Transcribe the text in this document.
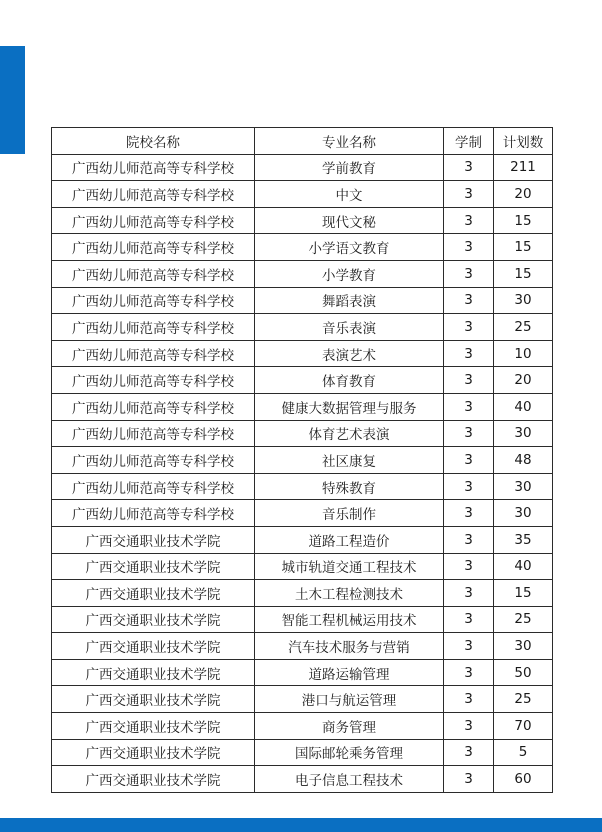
院校名称	专业名称	学制	计划数
广西幼儿师范高等专科学校	学前教育	3	211
广西幼儿师范高等专科学校	中文	3	20
广西幼儿师范高等专科学校	现代文秘	3	15
广西幼儿师范高等专科学校	小学语文教育	3	15
广西幼儿师范高等专科学校	小学教育	3	15
广西幼儿师范高等专科学校	舞蹈表演	3	30
广西幼儿师范高等专科学校	音乐表演	3	25
广西幼儿师范高等专科学校	表演艺术	3	10
广西幼儿师范高等专科学校	体育教育	3	20
广西幼儿师范高等专科学校	健康大数据管理与服务	3	40
广西幼儿师范高等专科学校	体育艺术表演	3	30
广西幼儿师范高等专科学校	社区康复	3	48
广西幼儿师范高等专科学校	特殊教育	3	30
广西幼儿师范高等专科学校	音乐制作	3	30
广西交通职业技术学院	道路工程造价	3	35
广西交通职业技术学院	城市轨道交通工程技术	3	40
广西交通职业技术学院	土木工程检测技术	3	15
广西交通职业技术学院	智能工程机械运用技术	3	25
广西交通职业技术学院	汽车技术服务与营销	3	30
广西交通职业技术学院	道路运输管理	3	50
广西交通职业技术学院	港口与航运管理	3	25
广西交通职业技术学院	商务管理	3	70
广西交通职业技术学院	国际邮轮乘务管理	3	5
广西交通职业技术学院	电子信息工程技术	3	60
